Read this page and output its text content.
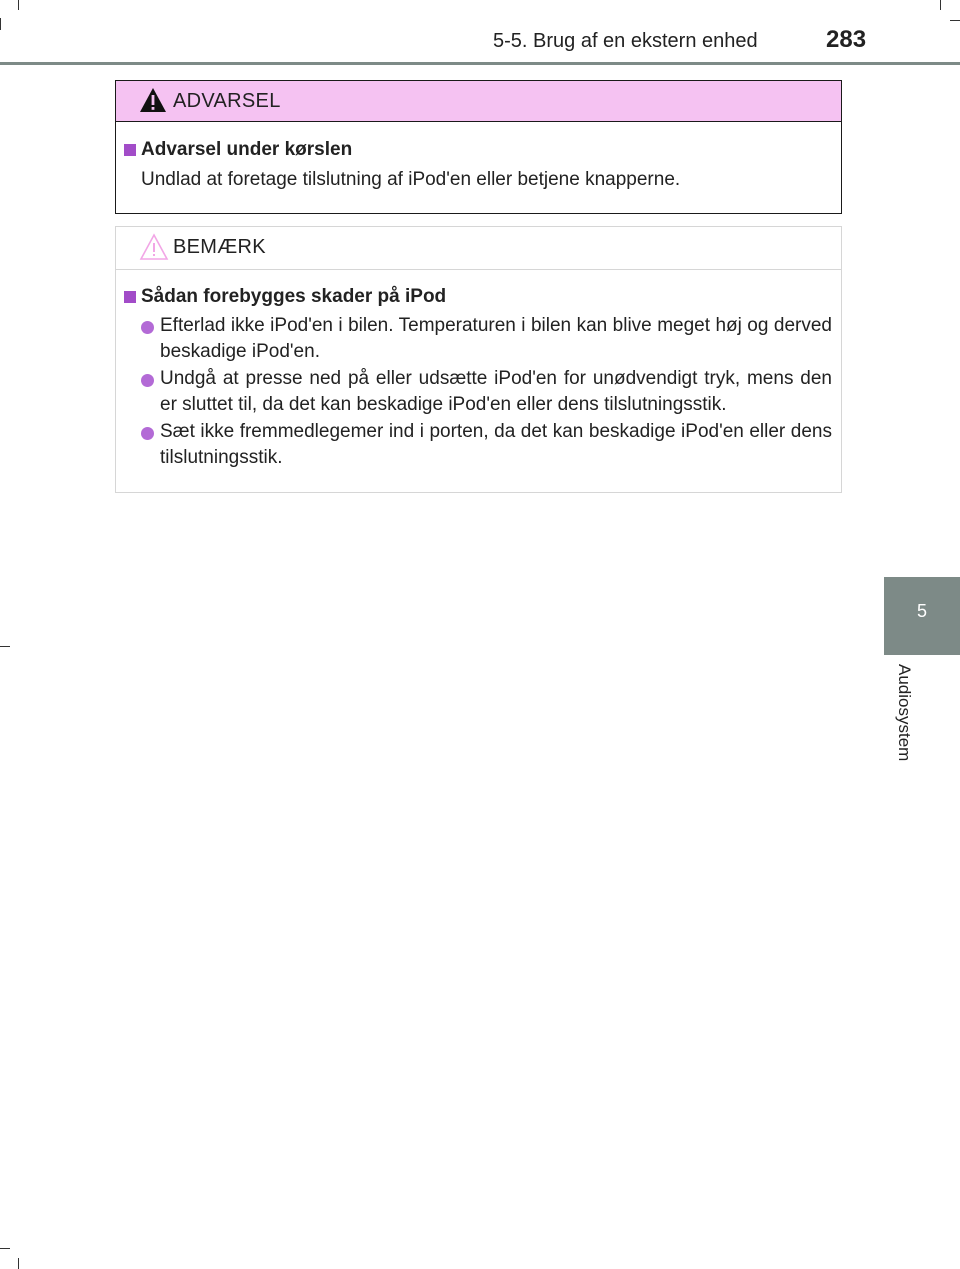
5-5. Brug af en ekstern enhed	283
5
Audiosystem
ADVARSEL
Advarsel under kørslen
Undlad at foretage tilslutning af iPod'en eller betjene knapperne.
BEMÆRK
Sådan forebygges skader på iPod
Efterlad ikke iPod'en i bilen. Temperaturen i bilen kan blive meget høj og derved beskadige iPod'en.
Undgå at presse ned på eller udsætte iPod'en for unødvendigt tryk, mens den er sluttet til, da det kan beskadige iPod'en eller dens tilslutningsstik.
Sæt ikke fremmedlegemer ind i porten, da det kan beskadige iPod'en eller dens tilslutningsstik.
